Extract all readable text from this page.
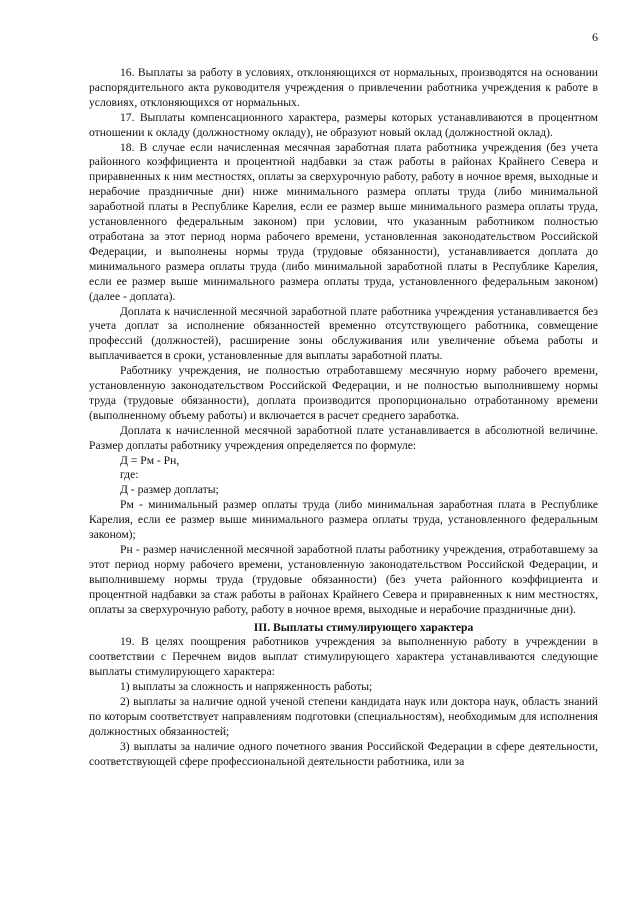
6

16. Выплаты за работу в условиях, отклоняющихся от нормальных, производятся на основании распорядительного акта руководителя учреждения о привлечении работника учреждения к работе в условиях, отклоняющихся от нормальных.

17. Выплаты компенсационного характера, размеры которых устанавливаются в процентном отношении к окладу (должностному окладу), не образуют новый оклад (должностной оклад).

18. В случае если начисленная месячная заработная плата работника учреждения (без учета районного коэффициента и процентной надбавки за стаж работы в районах Крайнего Севера и приравненных к ним местностях, оплаты за сверхурочную работу, работу в ночное время, выходные и нерабочие праздничные дни) ниже минимального размера оплаты труда (либо минимальной заработной платы в Республике Карелия, если ее размер выше минимального размера оплаты труда, установленного федеральным законом) при условии, что указанным работником полностью отработана за этот период норма рабочего времени, установленная законодательством Российской Федерации, и выполнены нормы труда (трудовые обязанности), устанавливается доплата до минимального размера оплаты труда (либо минимальной заработной платы в Республике Карелия, если ее размер выше минимального размера оплаты труда, установленного федеральным законом) (далее - доплата).

Доплата к начисленной месячной заработной плате работника учреждения устанавливается без учета доплат за исполнение обязанностей временно отсутствующего работника, совмещение профессий (должностей), расширение зоны обслуживания или увеличение объема работы и выплачивается в сроки, установленные для выплаты заработной платы.

Работнику учреждения, не полностью отработавшему месячную норму рабочего времени, установленную законодательством Российской Федерации, и не полностью выполнившему нормы труда (трудовые обязанности), доплата производится пропорционально отработанному времени (выполненному объему работы) и включается в расчет среднего заработка.

Доплата к начисленной месячной заработной плате устанавливается в абсолютной величине. Размер доплаты работнику учреждения определяется по формуле:

Д = Рм - Рн,

где:

Д - размер доплаты;

Рм - минимальный размер оплаты труда (либо минимальная заработная плата в Республике Карелия, если ее размер выше минимального размера оплаты труда, установленного федеральным законом);

Рн - размер начисленной месячной заработной платы работнику учреждения, отработавшему за этот период норму рабочего времени, установленную законодательством Российской Федерации, и выполнившему нормы труда (трудовые обязанности) (без учета районного коэффициента и процентной надбавки за стаж работы в районах Крайнего Севера и приравненных к ним местностях, оплаты за сверхурочную работу, работу в ночное время, выходные и нерабочие праздничные дни).

III. Выплаты стимулирующего характера

19. В целях поощрения работников учреждения за выполненную работу в учреждении в соответствии с Перечнем видов выплат стимулирующего характера устанавливаются следующие выплаты стимулирующего характера:

1) выплаты за сложность и напряженность работы;

2) выплаты за наличие одной ученой степени кандидата наук или доктора наук, область знаний по которым соответствует направлениям подготовки (специальностям), необходимым для исполнения должностных обязанностей;

3) выплаты за наличие одного почетного звания Российской Федерации в сфере деятельности, соответствующей сфере профессиональной деятельности работника, или за
